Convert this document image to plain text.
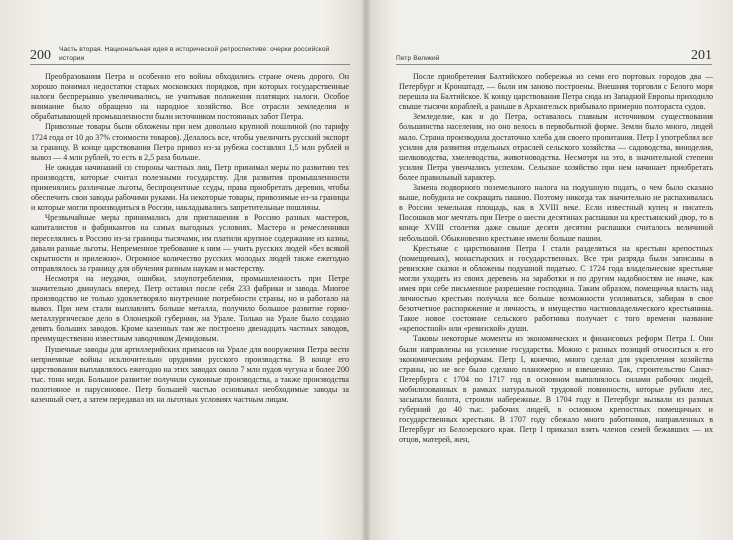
200 Часть вторая. Национальная идея в исторической ретроспективе: очерки российской истории

Преобразования Петра и особенно его войны обходились стране очень дорого. Он хорошо понимал недостатки старых московских порядков, при которых государственные налоги беспрерывно увеличивались, не учитывая положения платящих налоги. Особое внимание было обращено на народное хозяйство. Все отрасли земледелия и обрабатывающей промышленности были источником постоянных забот Петра.

Привозные товары были обложены при нем довольно крупной пошлиной (по тарифу 1724 года от 10 до 37% стоимости товаров). Делалось все, чтобы увеличить русский экспорт за границу. В конце царствования Петра привоз из-за рубежа составлял 1,5 млн рублей и вывоз — 4 млн рублей, то есть в 2,5 раза больше.

Не ожидая начинаний со стороны частных лиц, Петр принимал меры по развитию тех производств, которые считал полезными государству. Для развития промышленности применялись различные льготы, беспроцентные ссуды, права приобретать деревни, чтобы обеспечить свои заводы рабочими руками. На некоторые товары, привозимые из-за границы и которые могли производиться в России, накладывались запретительные пошлины.

Чрезвычайные меры принимались для приглашения в Россию разных мастеров, капиталистов и фабрикантов на самых выгодных условиях. Мастера и ремесленники переселялись в Россию из-за границы тысячами, им платили крупное содержание из казны, давали разные льготы. Непременное требование к ним — учить русских людей «без всякой скрытности и прилежно». Огромное количество русских молодых людей также ежегодно отправлялось за границу для обучения разным наукам и мастерству.

Несмотря на неудачи, ошибки, злоупотребления, промышленность при Петре значительно двинулась вперед. Петр оставил после себя 233 фабрики и завода. Многое производство не только удовлетворяло внутренние потребности страны, но и работало на вывоз. При нем стали выплавлять больше металла, получило большое развитие горно-металлургическое дело в Олонецкой губернии, на Урале. Только на Урале было создано девять больших заводов. Кроме казенных там же построено двенадцать частных заводов, преимущественно известным заводчиком Демидовым.

Пушечные заводы для артиллерийских припасов на Урале для вооружения Петра вести неприемные войны исключительно орудиями русского производства. В конце его царствования выплавлялось ежегодно на этих заводах около 7 млн пудов чугуна и более 200 тыс. тонн меди. Большое развитие получили суконные производства, а также производства полотняное и парусиновое. Петр большей частью основывал необходимые заводы за казенный счет, а затем передавал их на льготных условиях частным лицам.

Петр Великий	201

После приобретения Балтийского побережья из семи его портовых городов два — Петербург и Кронштадт, — были им заново построены. Внешняя торговля с Белого моря перешла на Балтийское. К концу царствования Петра сюда из Западной Европы приходило свыше тысячи кораблей, а раньше в Архангельск прибывало примерно полтораста судов.

Земледелие, как и до Петра, оставалось главным источником существования большинства населения, но оно велось в первобытной форме. Земли было много, людей мало. Страна производила достаточно хлеба для своего пропитания. Петр I употреблял все усилия для развития отдельных отраслей сельского хозяйства — садоводства, виноделия, шелководства, хмелеводства, животноводства. Несмотря на это, в значительной степени усилия Петра увенчались успехом. Сельское хозяйство при нем начинает приобретать более правильный характер.

Замена подворного поземельного налога на подушную подать, о чем было сказано выше, побудила не сокращать пашню. Поэтому никогда так значительно не распахивалась в России земельная площадь, как в XVIII веке. Если известный купец и писатель Посошков мог мечтать при Петре о шести десятинах распашки на крестьянский двор, то в конце XVIII столетия даже свыше десяти десятин распашки считалось величиной небольшой. Обыкновенно крестьяне имели больше пашни.

Крестьяне с царствования Петра I стали разделяться на крестьян крепостных (помещичьих), монастырских и государственных. Все три разряда были записаны в ревизские сказки и обложены подушной податью. С 1724 года владельческие крестьяне могли уходить из своих деревень на заработки и по другим надобностям не иначе, как имея при себе письменное разрешение господина. Таким образом, помещичья власть над личностью крестьян получала все больше возможности усиливаться, забирая в свое безотчетное распоряжение и личность, и имущество частновладельческого крестьянина. Такое новое состояние сельского работника получает с того времени название «крепостной» или «ревизской» души.

Таковы некоторые моменты из экономических и финансовых реформ Петра I. Они были направлены на усиление государства. Можно с разных позиций относиться к его экономическим реформам. Петр I, конечно, много сделал для укрепления хозяйства страны, но не все было сделано планомерно и взвешенно. Так, строительство Санкт-Петербурга с 1704 по 1717 год в основном выполнялось силами рабочих людей, мобилизованных в рамках натуральной трудовой повинности, которые рубили лес, засыпали болота, строили набережные. В 1704 году в Петербург вызвали из разных губерний до 40 тыс. рабочих людей, в основном крепостных помещичьих и государственных крестьян. В 1707 году сбежало много работников, направленных в Петербург из Белозерского края. Петр I приказал взять членов семей бежавших — их отцов, матерей, жен,
